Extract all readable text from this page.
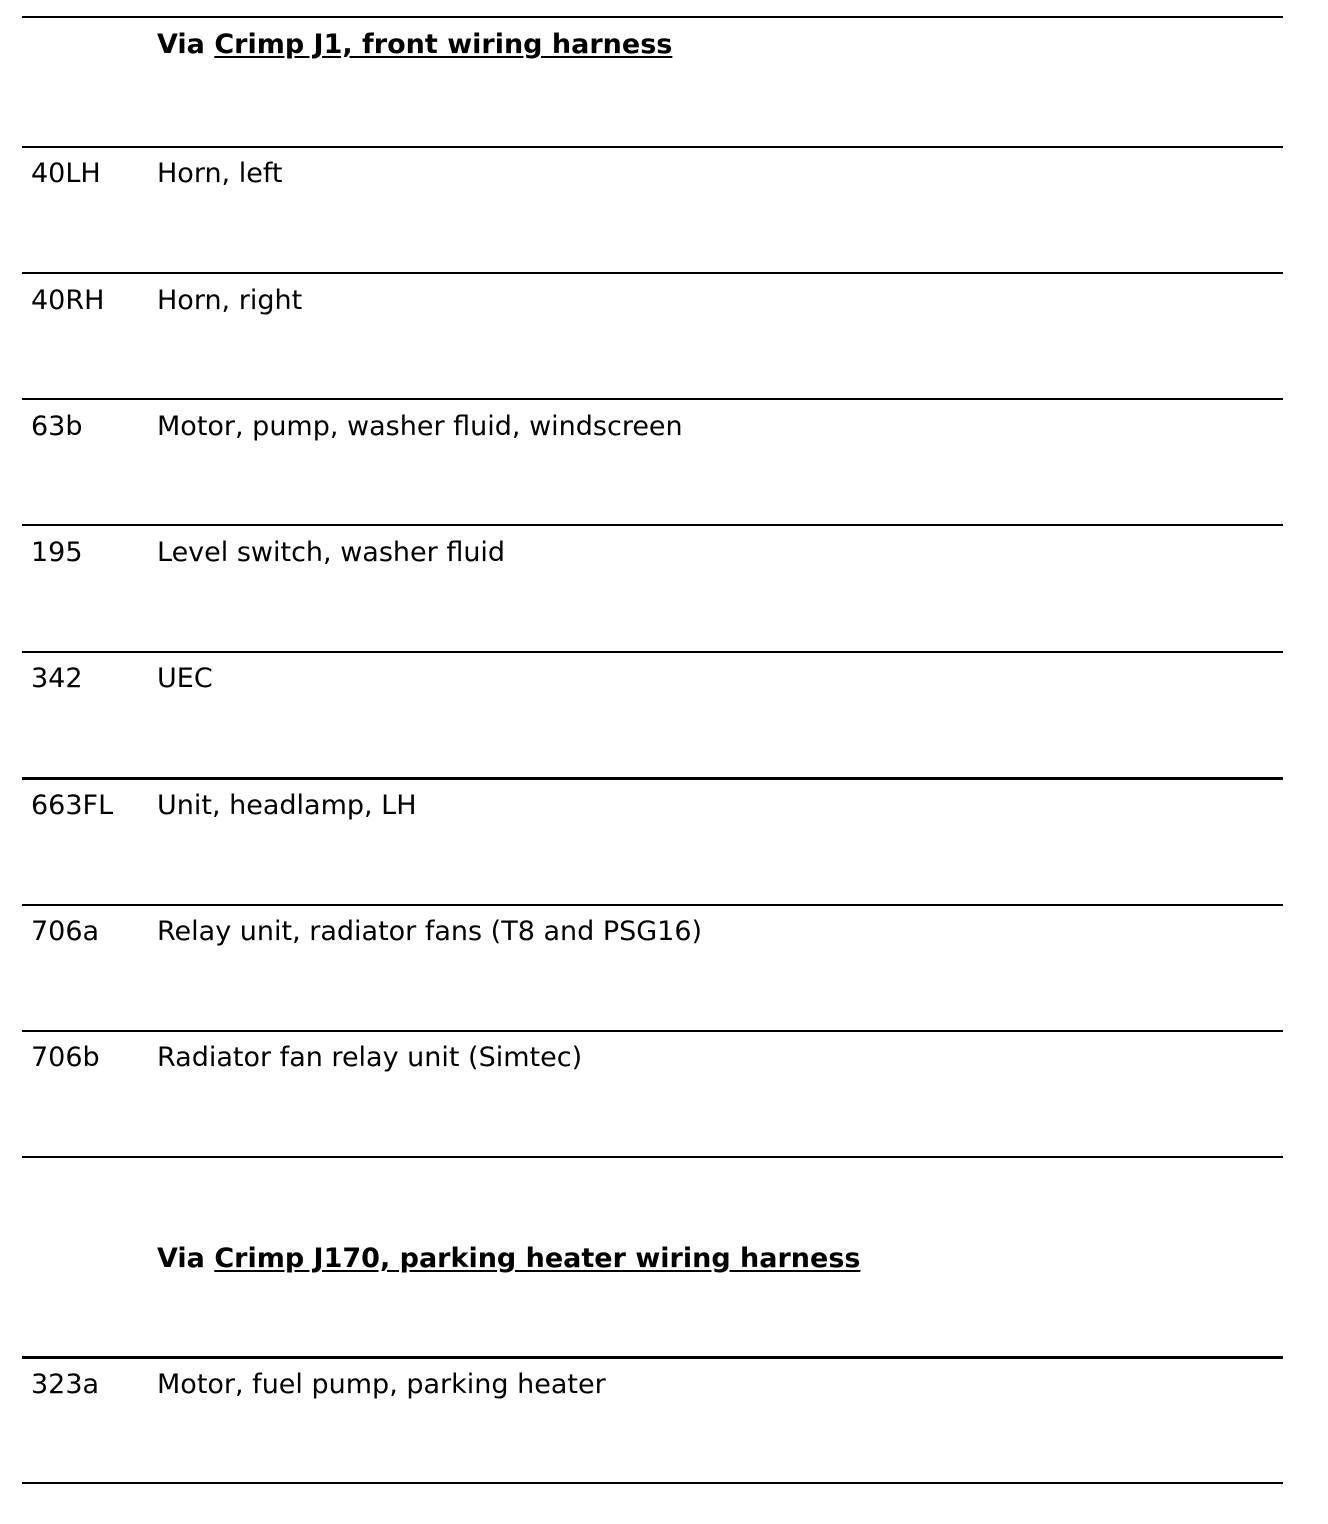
Via Crimp J1, front wiring harness
40LH Horn, left
40RH Horn, right
63b	Motor, pump, washer fluid, windscreen
195	Level switch, washer fluid
342	UEC
663FL Unit, headlamp, LH
706a Relay unit, radiator fans (T8 and PSG16)
706b Radiator fan relay unit (Simtec)
Via Crimp J170, parking heater wiring harness
323a Motor, fuel pump, parking heater
